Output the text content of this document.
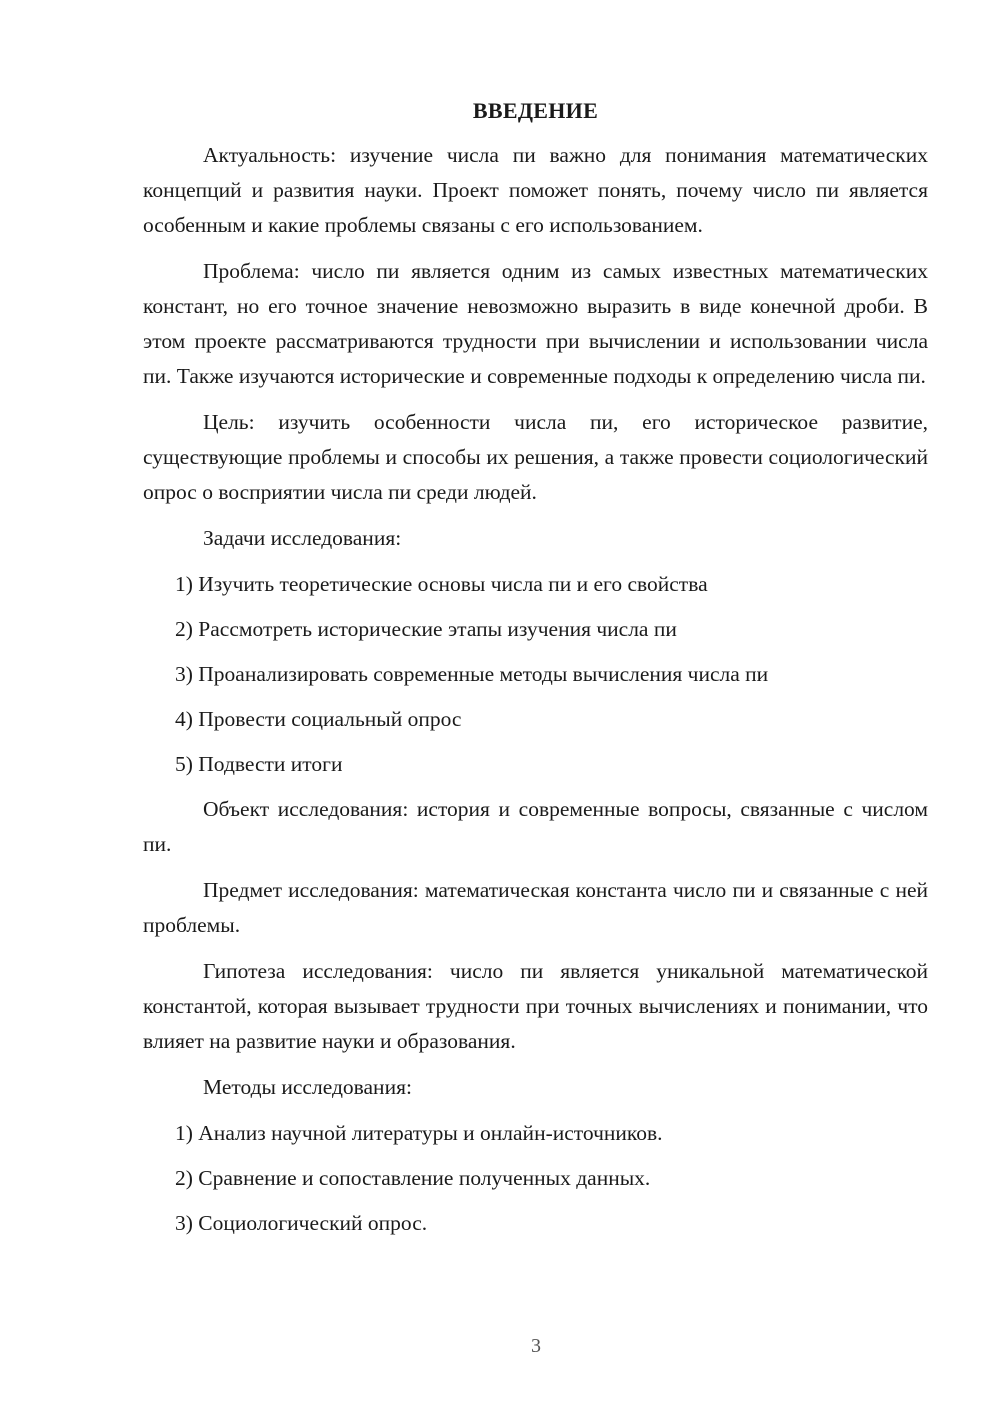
ВВЕДЕНИЕ

Актуальность: изучение числа пи важно для понимания математических концепций и развития науки. Проект поможет понять, почему число пи является особенным и какие проблемы связаны с его использованием.

Проблема: число пи является одним из самых известных математических констант, но его точное значение невозможно выразить в виде конечной дроби. В этом проекте рассматриваются трудности при вычислении и использовании числа пи. Также изучаются исторические и современные подходы к определению числа пи.

Цель: изучить особенности числа пи, его историческое развитие, существующие проблемы и способы их решения, а также провести социологический опрос о восприятии числа пи среди людей.

Задачи исследования:

1) Изучить теоретические основы числа пи и его свойства
2) Рассмотреть исторические этапы изучения числа пи
3) Проанализировать современные методы вычисления числа пи
4) Провести социальный опрос
5) Подвести итоги

Объект исследования: история и современные вопросы, связанные с числом пи.

Предмет исследования: математическая константа число пи и связанные с ней проблемы.

Гипотеза исследования: число пи является уникальной математической константой, которая вызывает трудности при точных вычислениях и понимании, что влияет на развитие науки и образования.

Методы исследования:

1) Анализ научной литературы и онлайн-источников.
2) Сравнение и сопоставление полученных данных.
3) Социологический опрос.
3
